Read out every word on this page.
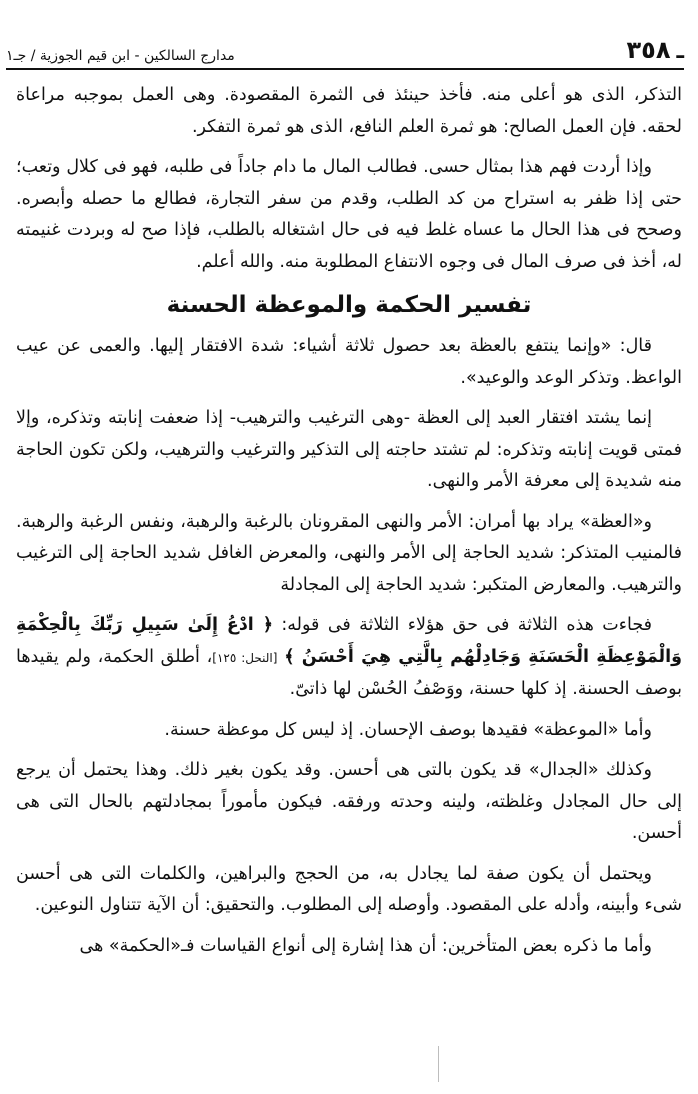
ـ
٣٥٨
مدارج السالكين - ابن قيم الجوزية / جـ١

التذكر، الذى هو أعلى منه. فأخذ حينئذ فى الثمرة المقصودة. وهى العمل بموجبه مراعاة لحقه. فإن العمل الصالح: هو ثمرة العلم النافع، الذى هو ثمرة التفكر.

وإذا أردت فهم هذا بمثال حسى. فطالب المال ما دام جاداً فى طلبه، فهو فى كلال وتعب؛ حتى إذا ظفر به استراح من كد الطلب، وقدم من سفر التجارة، فطالع ما حصله وأبصره. وصحح فى هذا الحال ما عساه غلط فيه فى حال اشتغاله بالطلب، فإذا صح له وبردت غنيمته له، أخذ فى صرف المال فى وجوه الانتفاع المطلوبة منه. والله أعلم.

تفسير الحكمة والموعظة الحسنة

قال: «وإنما ينتفع بالعظة بعد حصول ثلاثة أشياء: شدة الافتقار إليها. والعمى عن عيب الواعظ. وتذكر الوعد والوعيد».

إنما يشتد افتقار العبد إلى العظة -وهى الترغيب والترهيب- إذا ضعفت إنابته وتذكره، وإلا فمتى قويت إنابته وتذكره: لم تشتد حاجته إلى التذكير والترغيب والترهيب، ولكن تكون الحاجة منه شديدة إلى معرفة الأمر والنهى.

و«العظة» يراد بها أمران: الأمر والنهى المقرونان بالرغبة والرهبة، ونفس الرغبة والرهبة. فالمنيب المتذكر: شديد الحاجة إلى الأمر والنهى، والمعرض الغافل شديد الحاجة إلى الترغيب والترهيب. والمعارض المتكبر: شديد الحاجة إلى المجادلة

فجاءت هذه الثلاثة فى حق هؤلاء الثلاثة فى قوله: ﴿ ادْعُ إِلَىٰ سَبِيلِ رَبِّكَ بِالْحِكْمَةِ وَالْمَوْعِظَةِ الْحَسَنَةِ وَجَادِلْهُم بِالَّتِي هِيَ أَحْسَنُ ﴾ [النحل: ١٢٥]، أطلق الحكمة، ولم يقيدها بوصف الحسنة. إذ كلها حسنة، ووَصْفُ الحُسْن لها ذاتىّ.

وأما «الموعظة» فقيدها بوصف الإحسان. إذ ليس كل موعظة حسنة.

وكذلك «الجدال» قد يكون بالتى هى أحسن. وقد يكون بغير ذلك. وهذا يحتمل أن يرجع إلى حال المجادل وغلظته، ولينه وحدته ورفقه. فيكون مأموراً بمجادلتهم بالحال التى هى أحسن.

ويحتمل أن يكون صفة لما يجادل به، من الحجج والبراهين، والكلمات التى هى أحسن شىء وأبينه، وأدله على المقصود. وأوصله إلى المطلوب. والتحقيق: أن الآية تتناول النوعين.

وأما ما ذكره بعض المتأخرين: أن هذا إشارة إلى أنواع القياسات فـ«الحكمة» هى
